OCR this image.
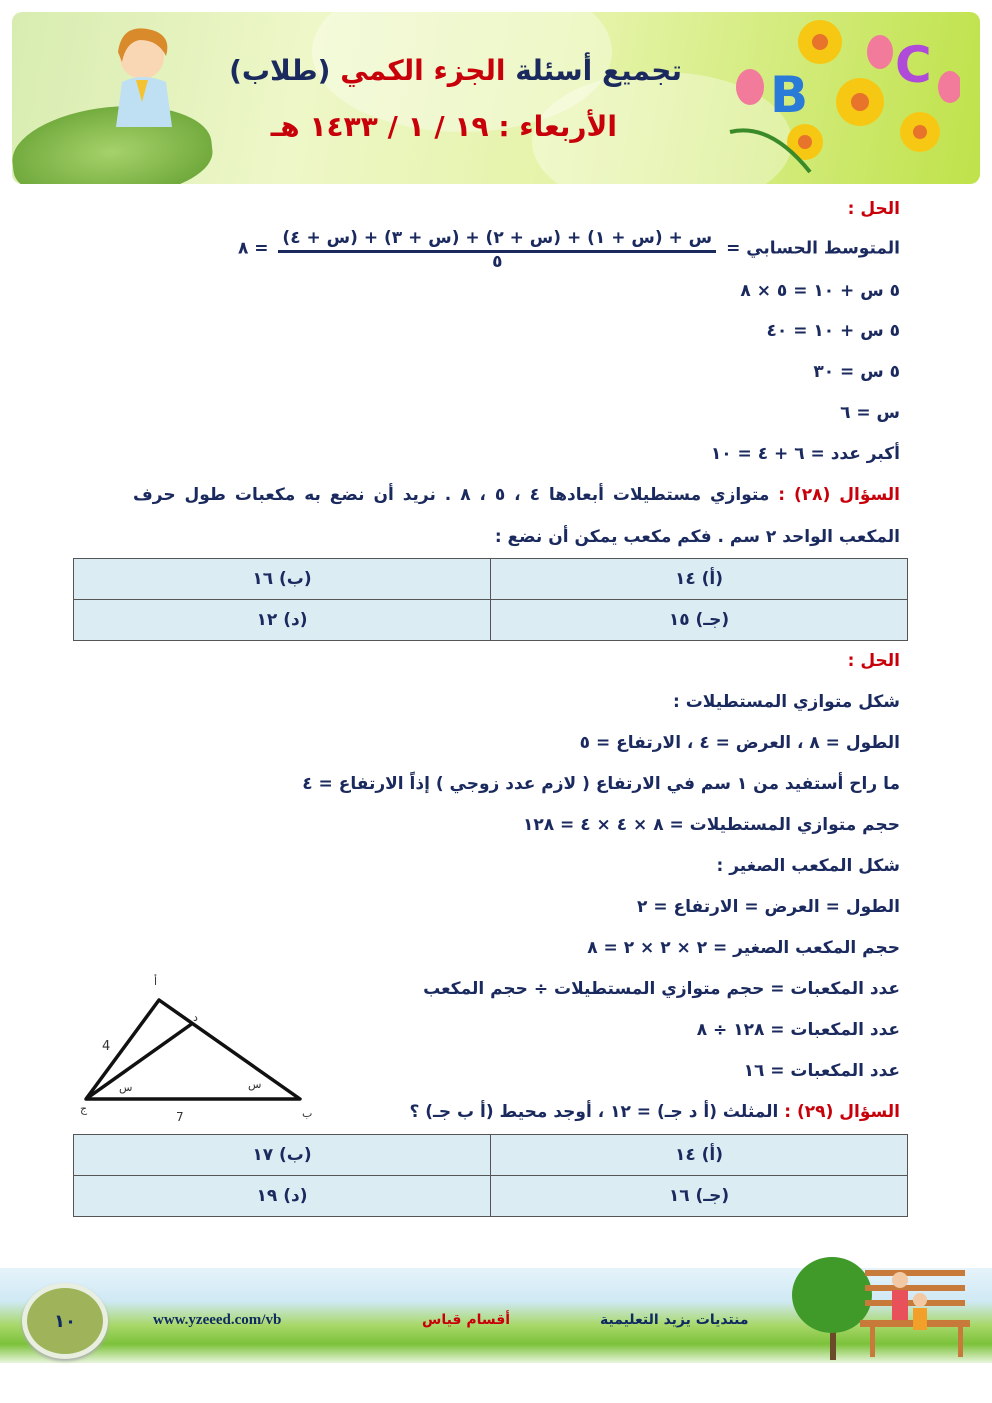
B
C
تجميع أسئلة الجزء الكمي (طلاب)
الأربعاء : ١٩ / ١ / ١٤٣٣ هـ
الحل :
المتوسط الحسابي =
$\frac{\text{س + (س + ١) + (س + ٢) + (س + ٣) + (س + ٤)}}{٥}$
= ٨
٥ س + ١٠ = ٥ × ٨
٥ س + ١٠ = ٤٠
٥ س = ٣٠
س = ٦
أكبر عدد = ٦ + ٤ = ١٠
السؤال (٢٨) : متوازي مستطيلات أبعادها ٤ ، ٥ ، ٨ . نريد أن نضع به مكعبات طول حرف
المكعب الواحد ٢ سم . فكم مكعب يمكن أن نضع :
(أ) ١٤	(ب) ١٦
(جـ) ١٥	(د) ١٢
الحل :
شكل متوازي المستطيلات :
الطول = ٨ ، العرض = ٤ ، الارتفاع = ٥
ما راح أستفيد من ١ سم في الارتفاع ( لازم عدد زوجي ) إذاً الارتفاع = ٤
حجم متوازي المستطيلات = ٨ × ٤ × ٤ = ١٢٨
شكل المكعب الصغير :
الطول = العرض = الارتفاع = ٢
حجم المكعب الصغير = ٢ × ٢ × ٢ = ٨
عدد المكعبات = حجم متوازي المستطيلات ÷ حجم المكعب
عدد المكعبات = ١٢٨ ÷ ٨
عدد المكعبات = ١٦
أ
د
ج	ب
4
7
س	س
السؤال (٢٩) : المثلث (أ د جـ) = ١٢ ، أوجد محيط (أ ب جـ) ؟
(أ) ١٤	(ب) ١٧
(جـ) ١٦	(د) ١٩
١٠	www.yzeeed.com/vb	أقسام قياس	منتديات يزيد التعليمية
